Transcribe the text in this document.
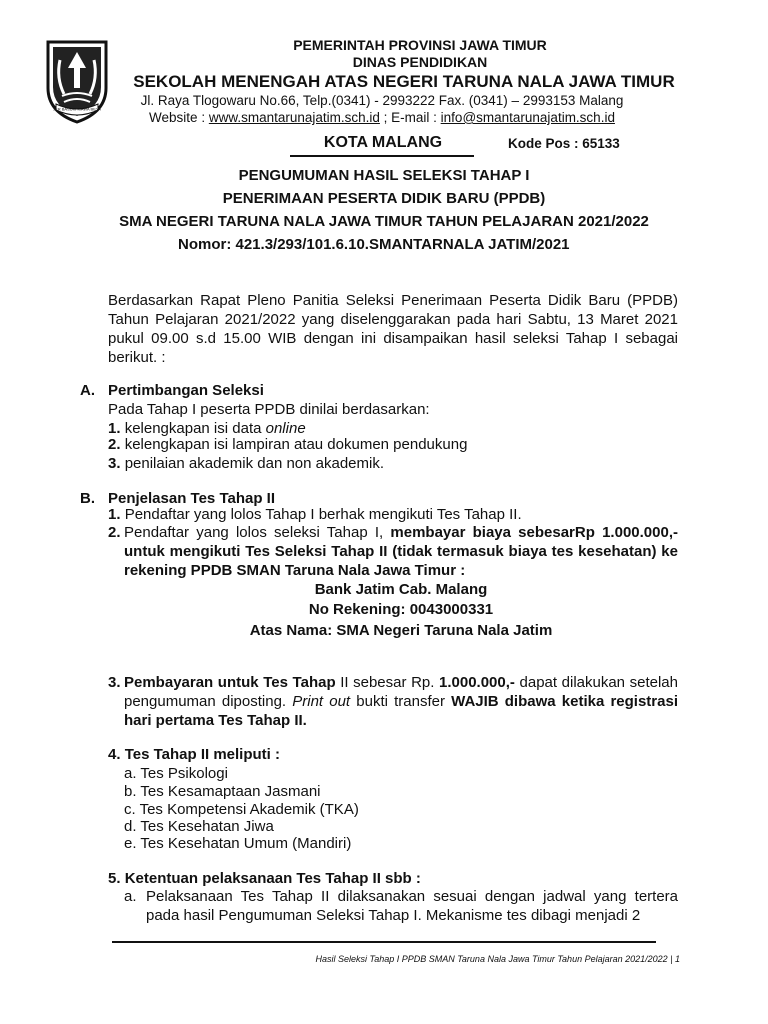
JER BASUKI MAWA BEYA
PEMERINTAH PROVINSI JAWA TIMUR
DINAS PENDIDIKAN
SEKOLAH MENENGAH ATAS NEGERI TARUNA NALA JAWA TIMUR
Jl. Raya Tlogowaru No.66, Telp.(0341) - 2993222 Fax. (0341) – 2993153 Malang
Website : www.smantarunajatim.sch.id ; E-mail : info@smantarunajatim.sch.id
KOTA MALANG	Kode Pos : 65133
PENGUMUMAN HASIL SELEKSI TAHAP I
PENERIMAAN PESERTA DIDIK BARU (PPDB)
SMA NEGERI TARUNA NALA JAWA TIMUR TAHUN PELAJARAN 2021/2022
Nomor: 421.3/293/101.6.10.SMANTARNALA JATIM/2021
Berdasarkan Rapat Pleno Panitia Seleksi Penerimaan Peserta Didik Baru (PPDB) Tahun Pelajaran 2021/2022 yang diselenggarakan pada hari Sabtu, 13 Maret 2021 pukul 09.00 s.d 15.00 WIB dengan ini disampaikan hasil seleksi Tahap I sebagai berikut. :
A. Pertimbangan Seleksi
Pada Tahap I peserta PPDB dinilai berdasarkan:
1. kelengkapan isi data online
2. kelengkapan isi lampiran atau dokumen pendukung
3. penilaian akademik dan non akademik.
B. Penjelasan Tes Tahap II
1. Pendaftar yang lolos Tahap I berhak mengikuti Tes Tahap II.
2. Pendaftar yang lolos seleksi Tahap I, membayar biaya sebesarRp 1.000.000,- untuk mengikuti Tes Seleksi Tahap II (tidak termasuk biaya tes kesehatan) ke rekening PPDB SMAN Taruna Nala Jawa Timur :
Bank Jatim Cab. Malang
No Rekening: 0043000331
Atas Nama: SMA Negeri Taruna Nala Jatim
3. Pembayaran untuk Tes Tahap II sebesar Rp. 1.000.000,- dapat dilakukan setelah pengumuman diposting. Print out bukti transfer WAJIB dibawa ketika registrasi hari pertama Tes Tahap II.
4. Tes Tahap II meliputi :
a. Tes Psikologi
b. Tes Kesamaptaan Jasmani
c. Tes Kompetensi Akademik (TKA)
d. Tes Kesehatan Jiwa
e. Tes Kesehatan Umum (Mandiri)
5. Ketentuan pelaksanaan Tes Tahap II sbb :
a. Pelaksanaan Tes Tahap II dilaksanakan sesuai dengan jadwal yang tertera pada hasil Pengumuman Seleksi Tahap I. Mekanisme tes dibagi menjadi 2
Hasil Seleksi Tahap I PPDB SMAN Taruna Nala Jawa Timur Tahun Pelajaran 2021/2022 | 1
